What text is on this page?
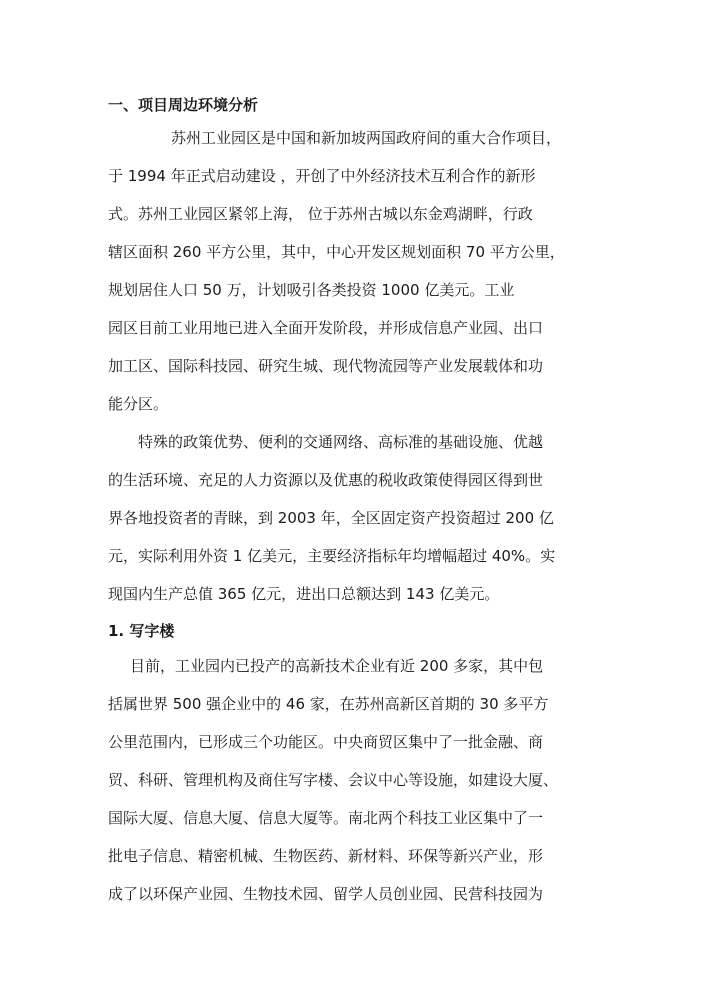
一、项目周边环境分析
苏州工业园区是中国和新加坡两国政府间的重大合作项目，
于 1994 年正式启动建设 ，开创了中外经济技术互利合作的新形
式。苏州工业园区紧邻上海， 位于苏州古城以东金鸡湖畔，行政
辖区面积 260 平方公里，其中，中心开发区规划面积 70 平方公里，
规划居住人口 50 万，计划吸引各类投资 1000 亿美元。工业
园区目前工业用地已进入全面开发阶段，并形成信息产业园、出口
加工区、国际科技园、研究生城、现代物流园等产业发展载体和功
能分区。
特殊的政策优势、便利的交通网络、高标准的基础设施、优越
的生活环境、充足的人力资源以及优惠的税收政策使得园区得到世
界各地投资者的青睐，到 2003 年，全区固定资产投资超过 200 亿
元，实际利用外资 1 亿美元，主要经济指标年均增幅超过 40%。实
现国内生产总值 365 亿元，进出口总额达到 143 亿美元。
1. 写字楼
目前，工业园内已投产的高新技术企业有近 200 多家，其中包
括属世界 500 强企业中的 46 家，在苏州高新区首期的 30 多平方
公里范围内，已形成三个功能区。中央商贸区集中了一批金融、商
贸、科研、管理机构及商住写字楼、会议中心等设施，如建设大厦、
国际大厦、信息大厦、信息大厦等。南北两个科技工业区集中了一
批电子信息、精密机械、生物医药、新材料、环保等新兴产业，形
成了以环保产业园、生物技术园、留学人员创业园、民营科技园为
